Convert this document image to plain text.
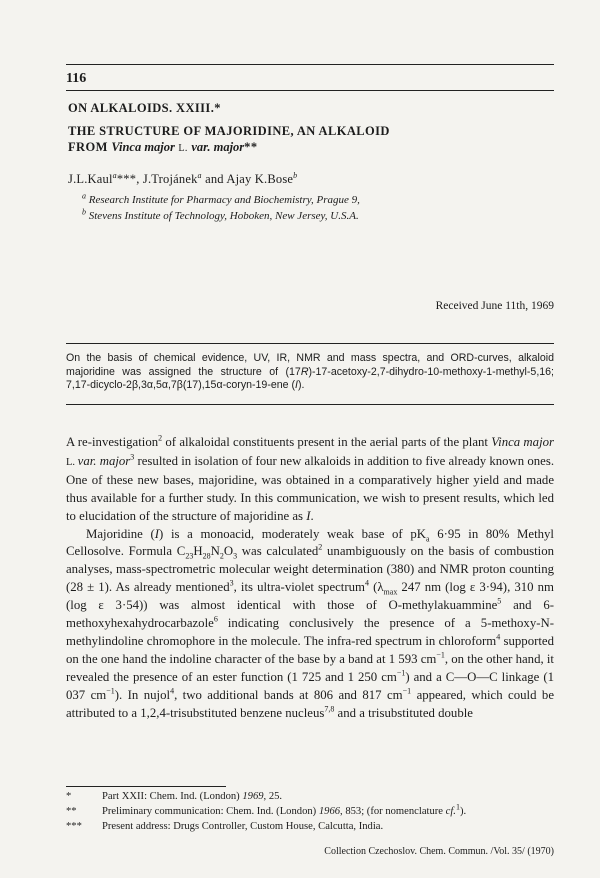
116
ON ALKALOIDS. XXIII.*
THE STRUCTURE OF MAJORIDINE, AN ALKALOID
FROM Vinca major L. var. major**
J.L.Kaul$^a$***, J.Trojánek$^a$ and Ajay K.Bose$^b$
$^a$ Research Institute for Pharmacy and Biochemistry, Prague 9,
$^b$ Stevens Institute of Technology, Hoboken, New Jersey, U.S.A.
Received June 11th, 1969
On the basis of chemical evidence, UV, IR, NMR and mass spectra, and ORD-curves, alkaloid majoridine was assigned the structure of (17R)-17-acetoxy-2,7-dihydro-10-methoxy-1-methyl-5,16; 7,17-dicyclo-2β,3α,5α,7β(17),15α-coryn-19-ene (I).

A re-investigation$^2$ of alkaloidal constituents present in the aerial parts of the plant Vinca major L. var. major$^3$ resulted in isolation of four new alkaloids in addition to five already known ones. One of these new bases, majoridine, was obtained in a comparatively higher yield and made thus available for a further study. In this communication, we wish to present results, which led to elucidation of the structure of majoridine as I.

Majoridine (I) is a monoacid, moderately weak base of $pK_a$ 6·95 in 80% Methyl Cellosolve. Formula $C_{23}H_{28}N_2O_3$ was calculated$^2$ unambiguously on the basis of combustion analyses, mass-spectrometric molecular weight determination (380) and NMR proton counting (28 ± 1). As already mentioned$^3$, its ultra-violet spectrum$^4$ ($\lambda_{max}$ 247 nm (log ε 3·94), 310 nm (log ε 3·54)) was almost identical with those of O-methylakuammine$^5$ and 6-methoxyhexahydrocarbazole$^6$ indicating conclusively the presence of a 5-methoxy-N-methylindoline chromophore in the molecule. The infra-red spectrum in chloroform$^4$ supported on the one hand the indoline character of the base by a band at 1 593 $cm^{-1}$, on the other hand, it revealed the presence of an ester function (1 725 and 1 250 $cm^{-1}$) and a C—O—C linkage (1 037 $cm^{-1}$). In nujol$^4$, two additional bands at 806 and 817 $cm^{-1}$ appeared, which could be attributed to a 1,2,4-trisubstituted benzene nucleus$^{7,8}$ and a trisubstituted double

*	Part XXII: Chem. Ind. (London) 1969, 25.
** Preliminary communication: Chem. Ind. (London) 1966, 853; (for nomenclature cf.$^1$).
*** Present address: Drugs Controller, Custom House, Calcutta, India.
Collection Czechoslov. Chem. Commun. /Vol. 35/ (1970)
